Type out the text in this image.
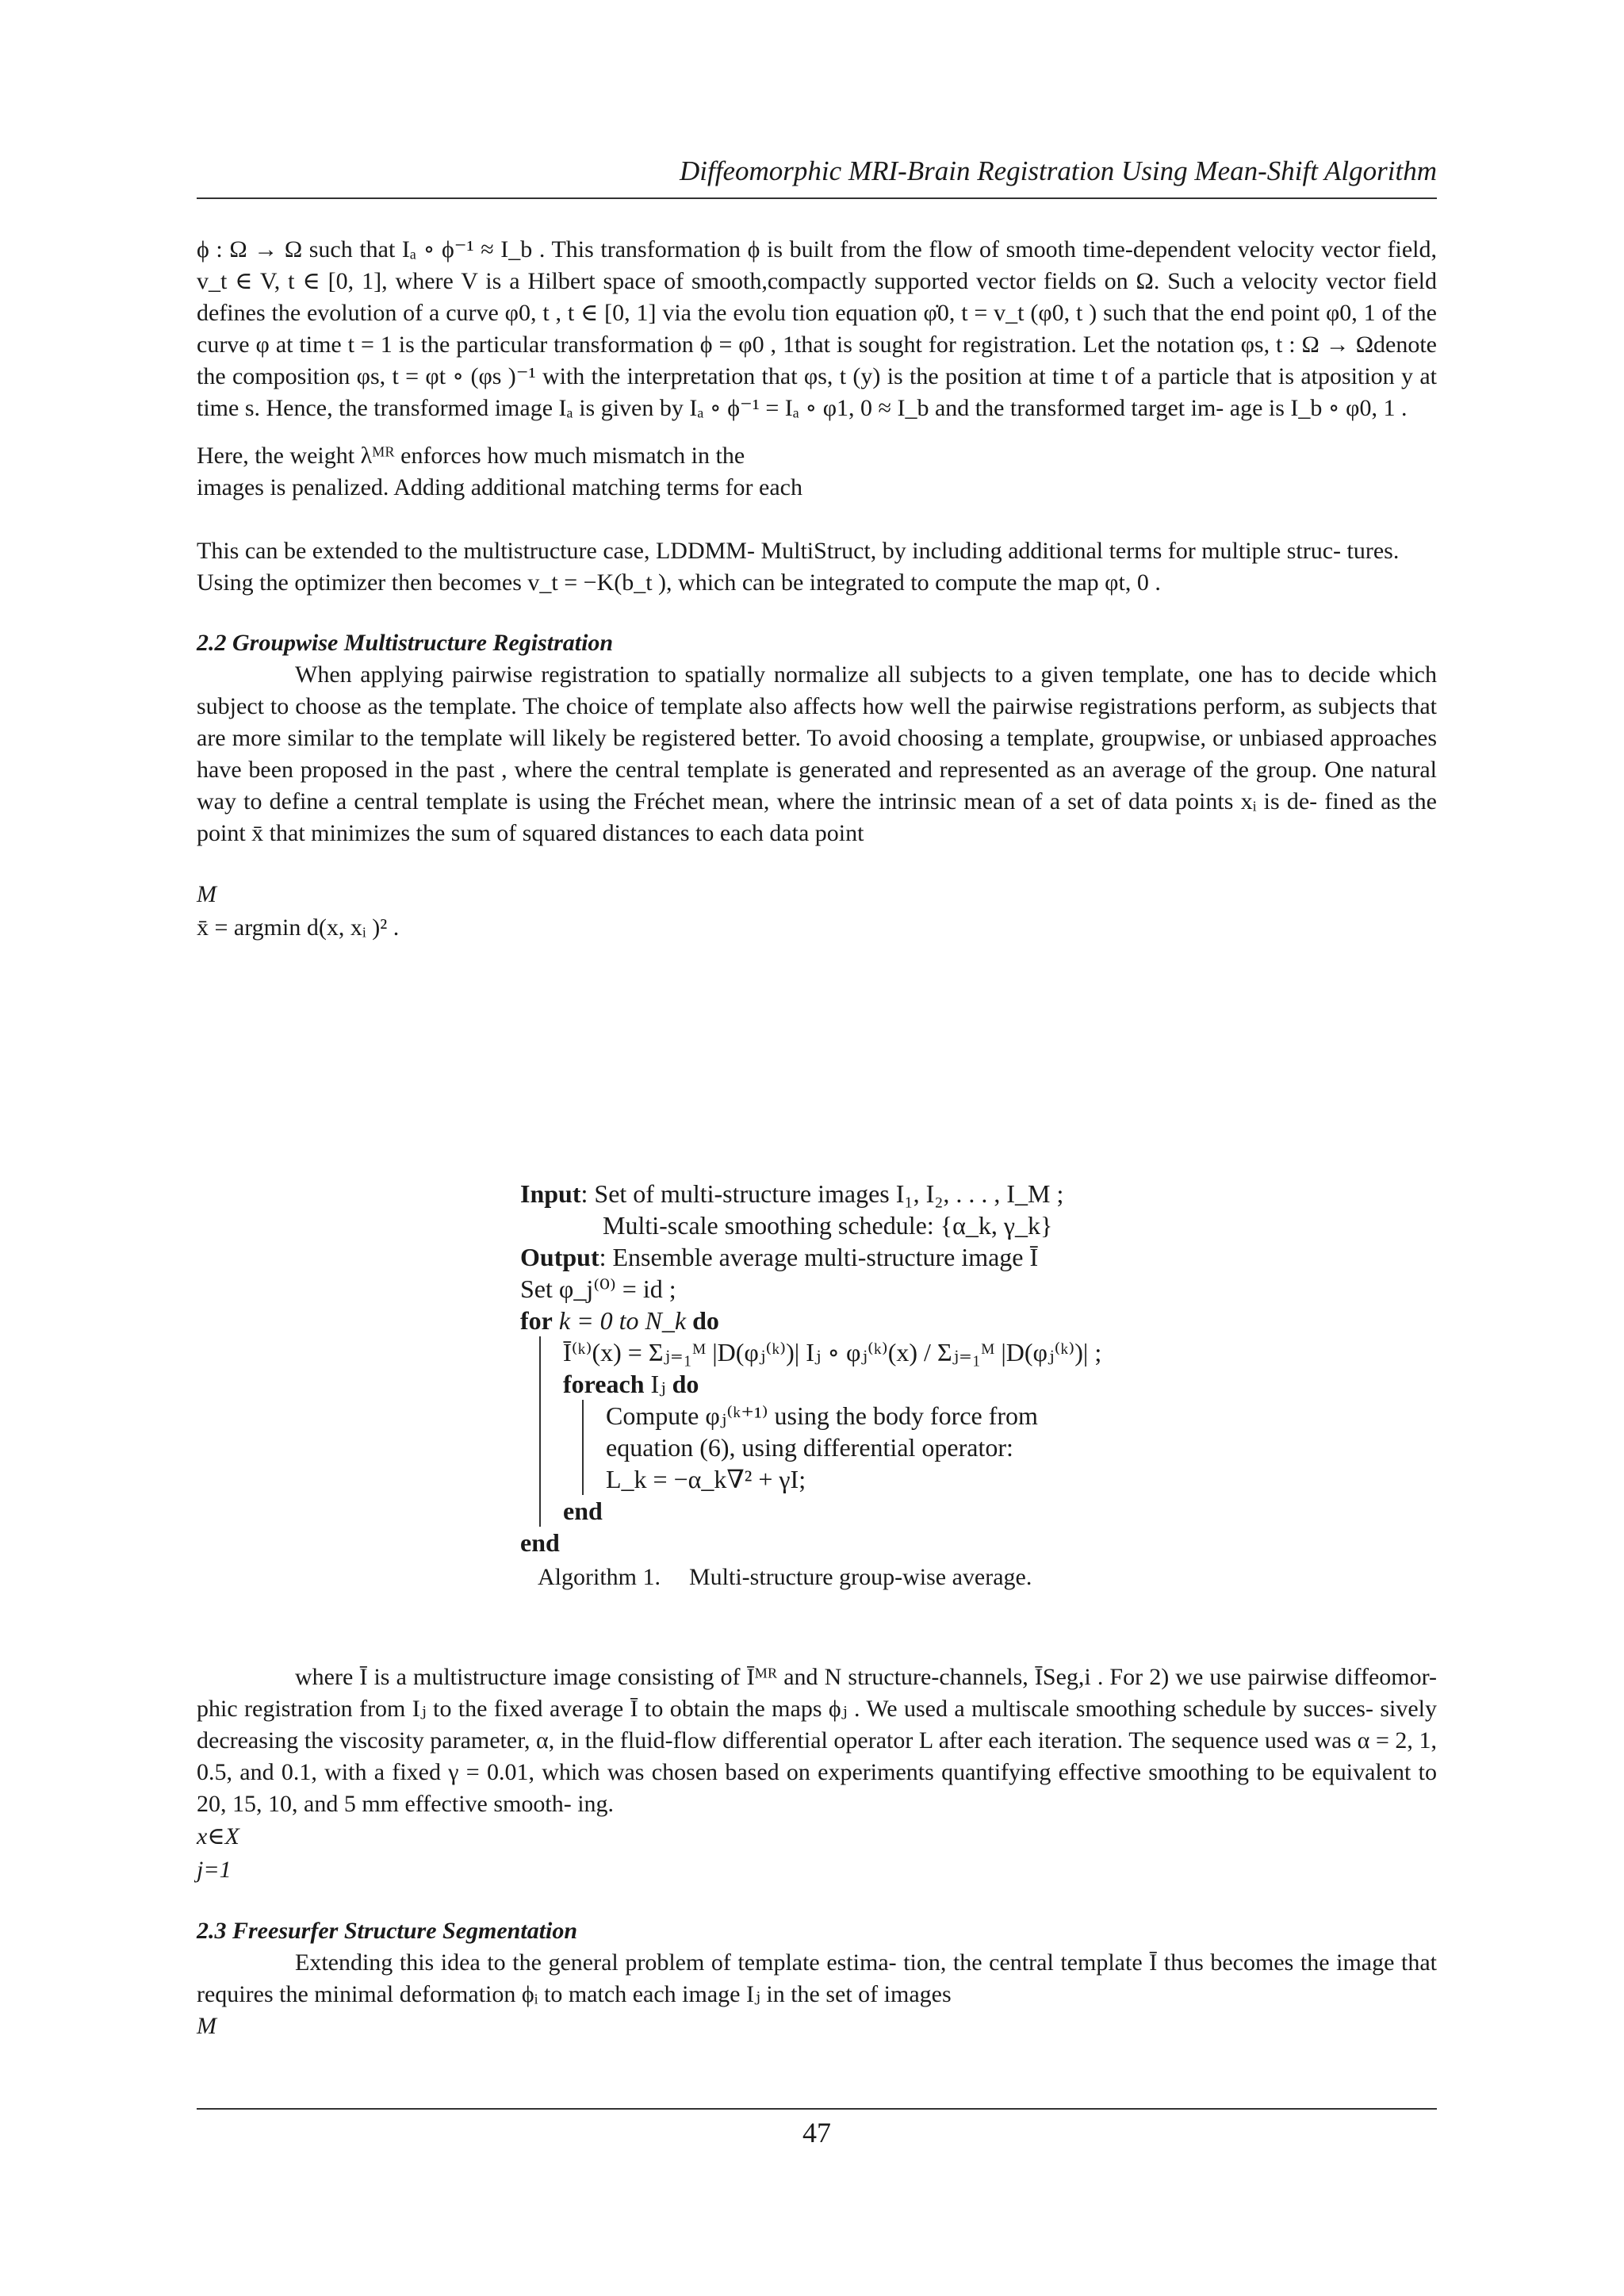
Diffeomorphic MRI-Brain Registration Using Mean-Shift Algorithm

ϕ : Ω → Ω such that Iₐ ∘ ϕ⁻¹ ≈ I_b . This transformation ϕ is built from the flow of smooth time-dependent velocity vector field, v_t ∈ V, t ∈ [0, 1], where V is a Hilbert space of smooth,compactly supported vector fields on Ω. Such a velocity vector field defines the evolution of a curve φ0, t , t ∈ [0, 1] via the evolu tion equation φ̇0, t = v_t (φ0, t ) such that the end point φ0, 1 of the curve φ at time t = 1 is the particular transformation ϕ = φ0 , 1that is sought for registration. Let the notation φs, t : Ω → Ωdenote the composition φs, t = φt ∘ (φs )⁻¹ with the interpretation that φs, t (y) is the position at time t of a particle that is atposition y at time s. Hence, the transformed image Iₐ is given by Iₐ ∘ ϕ⁻¹ = Iₐ ∘ φ1, 0 ≈ I_b and the transformed target im- age is I_b ∘ φ0, 1 .

Here, the weight λᴹᴿ enforces how much mismatch in the
images is penalized. Adding additional matching terms for each

This can be extended to the multistructure case, LDDMM- MultiStruct, by including additional terms for multiple struc- tures.

Using the optimizer then becomes v_t = −K(b_t ), which can be integrated to compute the map φt, 0 .

2.2 Groupwise Multistructure Registration

When applying pairwise registration to spatially normalize all subjects to a given template, one has to decide which subject to choose as the template. The choice of template also affects how well the pairwise registrations perform, as subjects that are more similar to the template will likely be registered better. To avoid choosing a template, groupwise, or unbiased approaches have been proposed in the past , where the central template is generated and represented as an average of the group. One natural way to define a central template is using the Fréchet mean, where the intrinsic mean of a set of data points xᵢ is de- fined as the point x̄ that minimizes the sum of squared distances to each data point

M
x̄ = argmin d(x, xᵢ )² .
Input: Set of multi-structure images I₁, I₂, . . . , I_M ;
Multi-scale smoothing schedule: {α_k, γ_k}
Output: Ensemble average multi-structure image Ī
Set φ_j⁽⁰⁾ = id ;
for k = 0 to N_k do
Ī⁽ᵏ⁾(x) = Σⱼ₌₁ᴹ |D(φⱼ⁽ᵏ⁾)| Iⱼ ∘ φⱼ⁽ᵏ⁾(x) / Σⱼ₌₁ᴹ |D(φⱼ⁽ᵏ⁾)| ;
foreach Iⱼ do
Compute φⱼ⁽ᵏ⁺¹⁾ using the body force from
equation (6), using differential operator:
L_k = −α_k∇² + γI;
end
end
Algorithm 1. Multi-structure group-wise average.

where Ī is a multistructure image consisting of Īᴹᴿ and N structure-channels, ĪSeg,i . For 2) we use pairwise diffeomor- phic registration from Iⱼ to the fixed average Ī to obtain the maps ϕⱼ . We used a multiscale smoothing schedule by succes- sively decreasing the viscosity parameter, α, in the fluid-flow differential operator L after each iteration. The sequence used was α = 2, 1, 0.5, and 0.1, with a fixed γ = 0.01, which was chosen based on experiments quantifying effective smoothing to be equivalent to 20, 15, 10, and 5 mm effective smooth- ing.

x∈X
j=1
2.3 Freesurfer Structure Segmentation

Extending this idea to the general problem of template estima- tion, the central template Ī thus becomes the image that requires the minimal deformation ϕᵢ to match each image Iⱼ in the set of images

M
47
